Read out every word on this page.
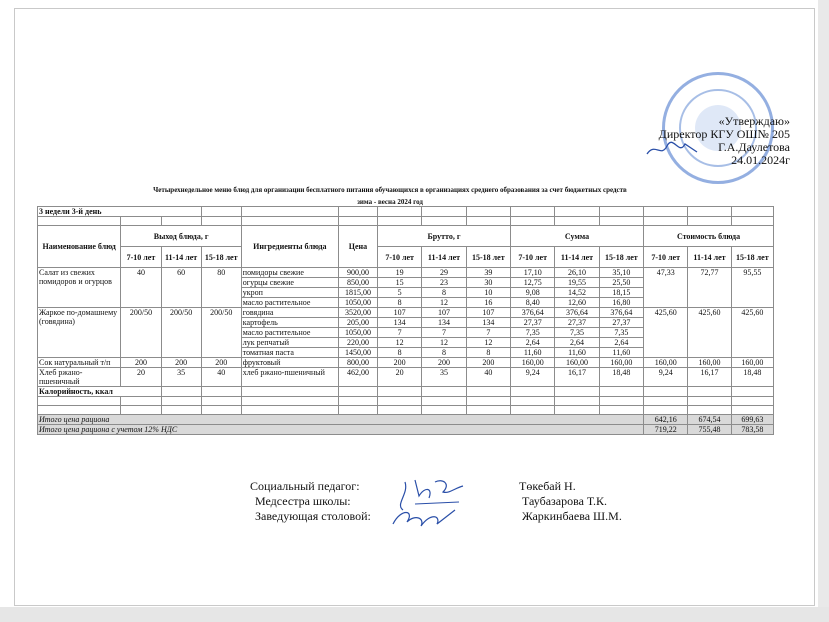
«Утверждаю»
Директор КГУ ОШ№ 205
Г.А.Даулетова
24.01.2024г
Четырехнедельное меню блюд для организации бесплатного питания обучающихся в организациях среднего образования за счет бюджетных средств
зима - весна 2024 год
3 недели 3-й день														

Наименование блюд	Выход блюда, г			Ингредиенты блюда	Цена	Брутто, г			Сумма			Стоимость блюда		
	7-10 лет	11-14 лет	15-18 лет			7-10 лет	11-14 лет	15-18 лет	7-10 лет	11-14 лет	15-18 лет	7-10 лет	11-14 лет	15-18 лет
Салат из свежих помидоров и огурцов	40	60	80	помидоры свежие	900,00	19	29	39	17,10	26,10	35,10	47,33	72,77	95,55
				огурцы свежие	850,00	15	23	30	12,75	19,55	25,50			
				укроп	1815,00	5	8	10	9,08	14,52	18,15			
				масло растительное	1050,00	8	12	16	8,40	12,60	16,80			
Жаркое по-домашнему (говядина)	200/50	200/50	200/50	говядина	3520,00	107	107	107	376,64	376,64	376,64	425,60	425,60	425,60
				картофель	205,00	134	134	134	27,37	27,37	27,37			
				масло растительное	1050,00	7	7	7	7,35	7,35	7,35			
				лук репчатый	220,00	12	12	12	2,64	2,64	2,64			
				томатная паста	1450,00	8	8	8	11,60	11,60	11,60			
Сок натуральный т/п	200	200	200	фруктовый	800,00	200	200	200	160,00	160,00	160,00	160,00	160,00	160,00
Хлеб ржано-пшеничный	20	35	40	хлеб ржано-пшеничный	462,00	20	35	40	9,24	16,17	18,48	9,24	16,17	18,48
Калорийность, ккал														

Итого цена рациона												642,16	674,54	699,63
Итого цена рациона с учетом 12% НДС												719,22	755,48	783,58
Социальный педагог:	Төкебай Н.
Медсестра школы:	Таубазарова Т.К.
Заведующая столовой:	Жаркинбаева Ш.М.
